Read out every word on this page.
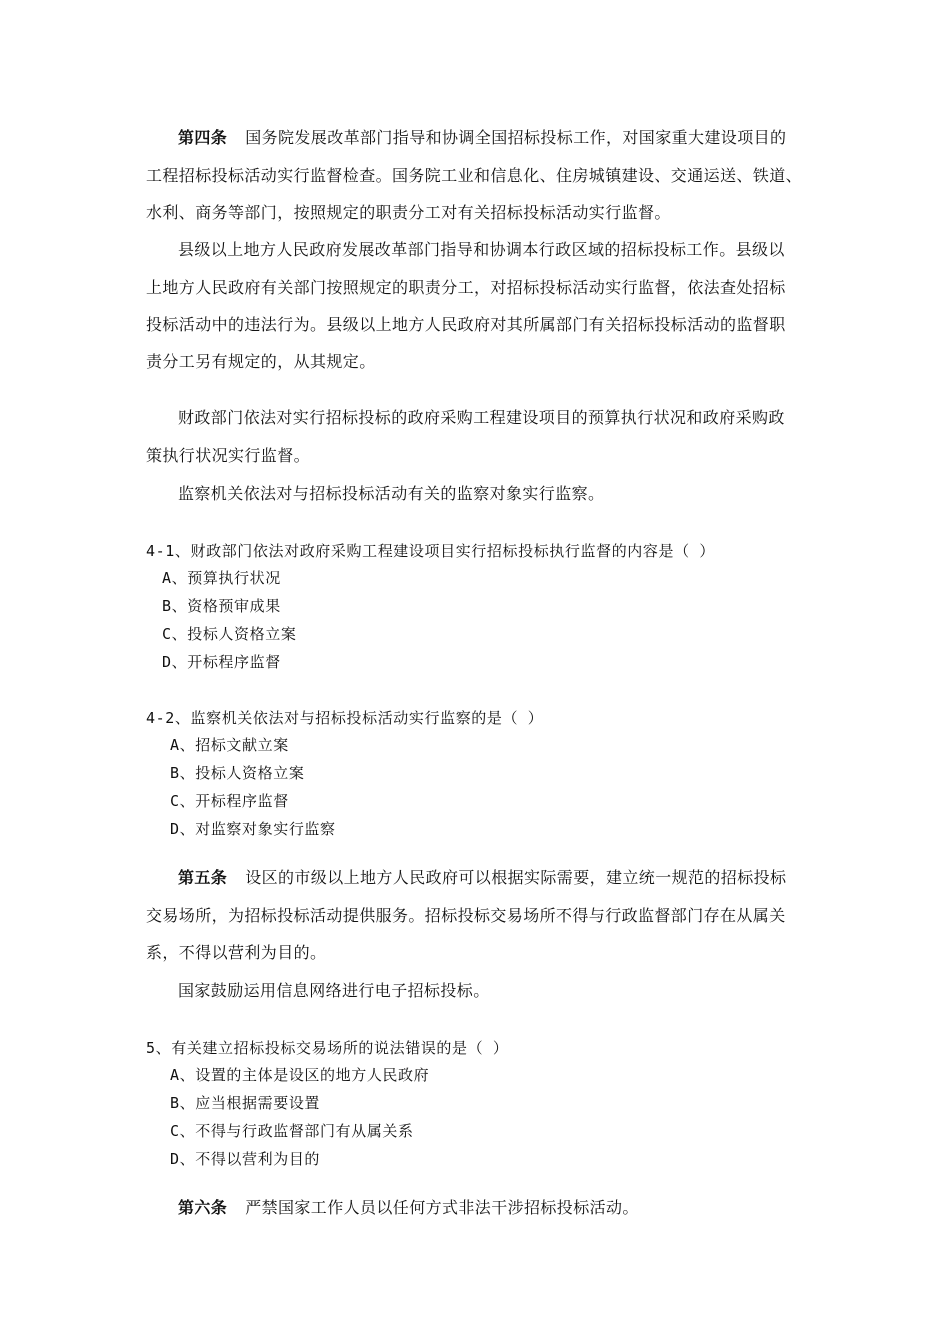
第四条 国务院发展改革部门指导和协调全国招标投标工作，对国家重大建设项目的
工程招标投标活动实行监督检查。国务院工业和信息化、住房城镇建设、交通运送、铁道、
水利、商务等部门，按照规定的职责分工对有关招标投标活动实行监督。
县级以上地方人民政府发展改革部门指导和协调本行政区域的招标投标工作。县级以
上地方人民政府有关部门按照规定的职责分工，对招标投标活动实行监督，依法查处招标
投标活动中的违法行为。县级以上地方人民政府对其所属部门有关招标投标活动的监督职
责分工另有规定的，从其规定。
财政部门依法对实行招标投标的政府采购工程建设项目的预算执行状况和政府采购政
策执行状况实行监督。
监察机关依法对与招标投标活动有关的监察对象实行监察。
4-1、财政部门依法对政府采购工程建设项目实行招标投标执行监督的内容是（ ）
A、预算执行状况
B、资格预审成果
C、投标人资格立案
D、开标程序监督
4-2、监察机关依法对与招标投标活动实行监察的是（ ）
A、招标文献立案
B、投标人资格立案
C、开标程序监督
D、对监察对象实行监察
第五条 设区的市级以上地方人民政府可以根据实际需要，建立统一规范的招标投标
交易场所，为招标投标活动提供服务。招标投标交易场所不得与行政监督部门存在从属关
系，不得以营利为目的。
国家鼓励运用信息网络进行电子招标投标。
5、有关建立招标投标交易场所的说法错误的是（ ）
A、设置的主体是设区的地方人民政府
B、应当根据需要设置
C、不得与行政监督部门有从属关系
D、不得以营利为目的
第六条 严禁国家工作人员以任何方式非法干涉招标投标活动。
